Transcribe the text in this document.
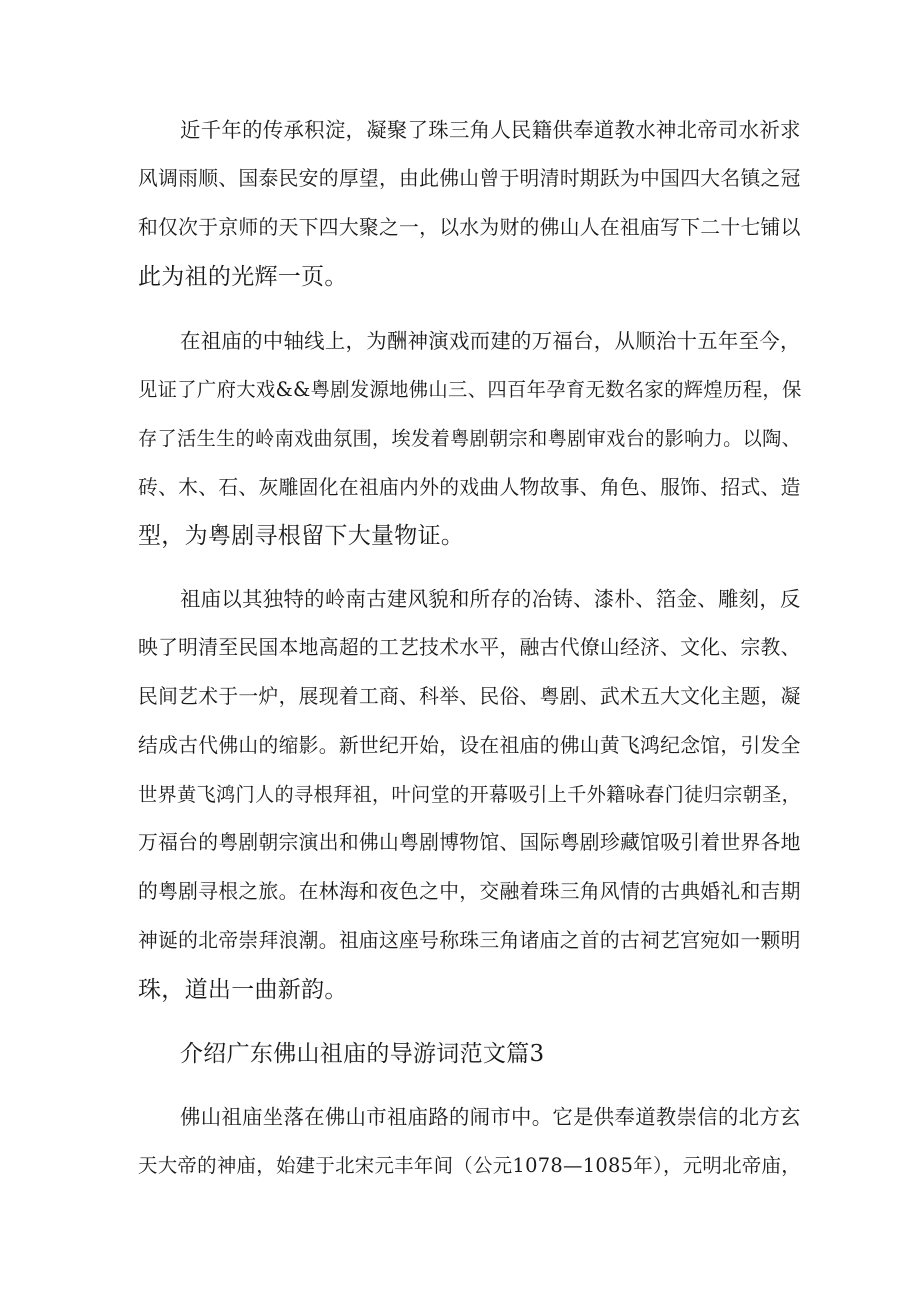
近千年的传承积淀，凝聚了珠三角人民籍供奉道教水神北帝司水祈求
风调雨顺、国泰民安的厚望，由此佛山曾于明清时期跃为中国四大名镇之冠
和仅次于京师的天下四大聚之一，以水为财的佛山人在祖庙写下二十七铺以
此为祖的光辉一页。
在祖庙的中轴线上，为酬神演戏而建的万福台，从顺治十五年至今，
见证了广府大戏&&粤剧发源地佛山三、四百年孕育无数名家的辉煌历程，保
存了活生生的岭南戏曲氛围，埃发着粤剧朝宗和粤剧审戏台的影响力。以陶、
砖、木、石、灰雕固化在祖庙内外的戏曲人物故事、角色、服饰、招式、造
型，为粤剧寻根留下大量物证。
祖庙以其独特的岭南古建风貌和所存的冶铸、漆朴、箔金、雕刻，反
映了明清至民国本地高超的工艺技术水平，融古代僚山经济、文化、宗教、
民间艺术于一炉，展现着工商、科举、民俗、粤剧、武术五大文化主题，凝
结成古代佛山的缩影。新世纪开始，设在祖庙的佛山黄飞鸿纪念馆，引发全
世界黄飞鸿门人的寻根拜祖，叶问堂的开幕吸引上千外籍咏春门徒归宗朝圣，
万福台的粤剧朝宗演出和佛山粤剧博物馆、国际粤剧珍藏馆吸引着世界各地
的粤剧寻根之旅。在林海和夜色之中，交融着珠三角风情的古典婚礼和吉期
神诞的北帝崇拜浪潮。祖庙这座号称珠三角诸庙之首的古祠艺宫宛如一颗明
珠，道出一曲新韵。
介绍广东佛山祖庙的导游词范文篇3
佛山祖庙坐落在佛山市祖庙路的闹市中。它是供奉道教崇信的北方玄
天大帝的神庙，始建于北宋元丰年间（公元1078—1085年），元明北帝庙，
